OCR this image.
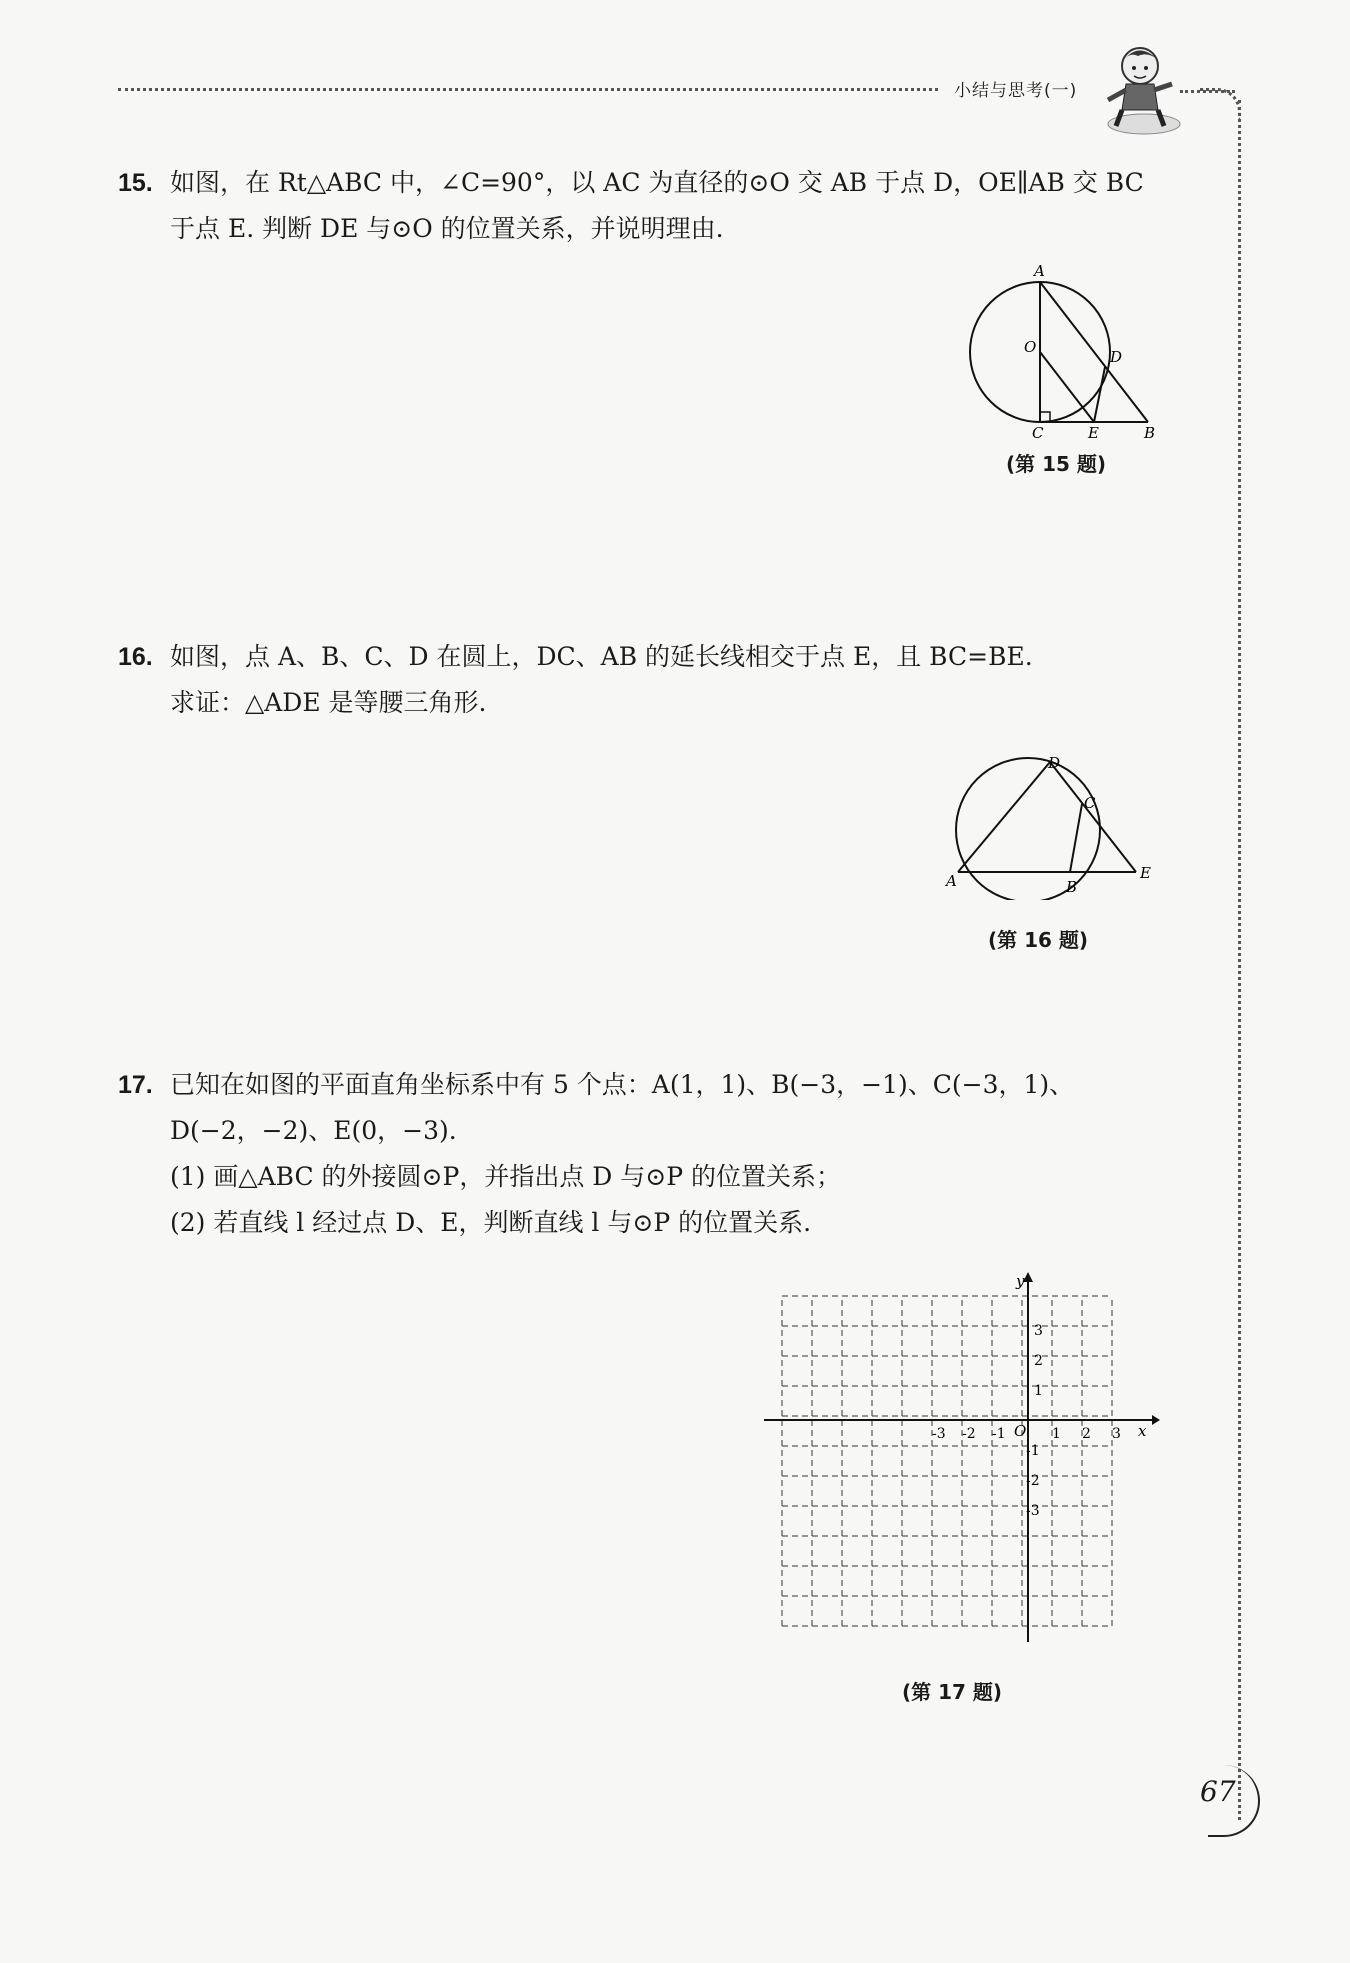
小结与思考(一)
15. 如图，在 Rt△ABC 中，∠C=90°，以 AC 为直径的⊙O 交 AB 于点 D，OE∥AB 交 BC
于点 E. 判断 DE 与⊙O 的位置关系，并说明理由.
A
O
D
C	E	B
(第 15 题)
16. 如图，点 A、B、C、D 在圆上，DC、AB 的延长线相交于点 E，且 BC=BE.
求证：△ADE 是等腰三角形.
D
C
A	B
E
(第 16 题)
17. 已知在如图的平面直角坐标系中有 5 个点：A(1，1)、B(−3，−1)、C(−3，1)、
D(−2，−2)、E(0，−3).
(1) 画△ABC 的外接圆⊙P，并指出点 D 与⊙P 的位置关系；
(2) 若直线 l 经过点 D、E，判断直线 l 与⊙P 的位置关系.
x
y
O
-3 -2 -1	1 2 3
3
2
1
-1
-2
-3
(第 17 题)
67
